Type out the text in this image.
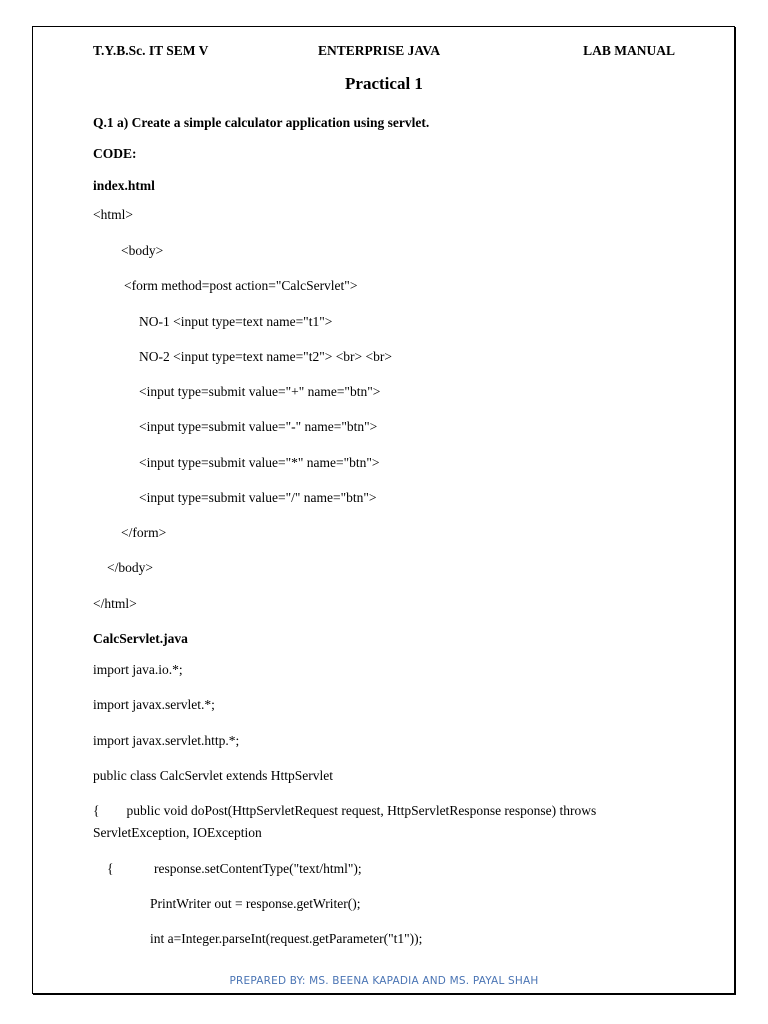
T.Y.B.Sc. IT SEM V	ENTERPRISE JAVA	LAB MANUAL
Practical 1
Q.1 a) Create a simple calculator application using servlet.
CODE:
index.html
<html>
<body>
<form method=post action="CalcServlet">
NO-1 <input type=text name="t1">
NO-2 <input type=text name="t2"> <br> <br>
<input type=submit value="+" name="btn">
<input type=submit value="-" name="btn">
<input type=submit value="*" name="btn">
<input type=submit value="/" name="btn">
</form>
</body>
</html>
CalcServlet.java
import java.io.*;
import javax.servlet.*;
import javax.servlet.http.*;
public class CalcServlet extends HttpServlet
{        public void doPost(HttpServletRequest request, HttpServletResponse response) throws
ServletException, IOException
{            response.setContentType("text/html");
PrintWriter out = response.getWriter();
int a=Integer.parseInt(request.getParameter("t1"));
PREPARED BY: MS. BEENA KAPADIA AND MS. PAYAL SHAH
